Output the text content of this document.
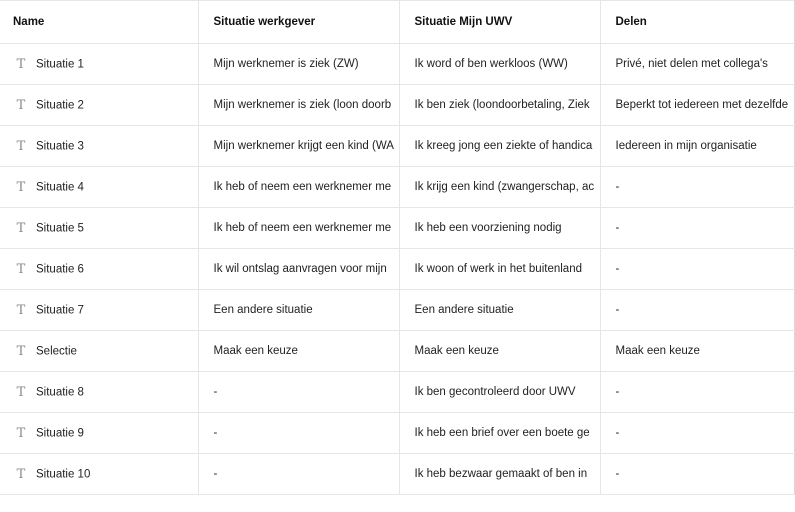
Name	Situatie werkgever	Situatie Mijn UWV	Delen
T Situatie 1	Mijn werknemer is ziek (ZW)	Ik word of ben werkloos (WW)	Privé, niet delen met collega's
T Situatie 2	Mijn werknemer is ziek (loon doorb	Ik ben ziek (loondoorbetaling, Ziek	Beperkt tot iedereen met dezelfde
T Situatie 3	Mijn werknemer krijgt een kind (WA	Ik kreeg jong een ziekte of handica	Iedereen in mijn organisatie
T Situatie 4	Ik heb of neem een werknemer me	Ik krijg een kind (zwangerschap, ac	-
T Situatie 5	Ik heb of neem een werknemer me	Ik heb een voorziening nodig	-
T Situatie 6	Ik wil ontslag aanvragen voor mijn	Ik woon of werk in het buitenland	-
T Situatie 7	Een andere situatie	Een andere situatie	-
T Selectie	Maak een keuze	Maak een keuze	Maak een keuze
T Situatie 8	-	Ik ben gecontroleerd door UWV	-
T Situatie 9	-	Ik heb een brief over een boete ge	-
T Situatie 10	-	Ik heb bezwaar gemaakt of ben in	-
